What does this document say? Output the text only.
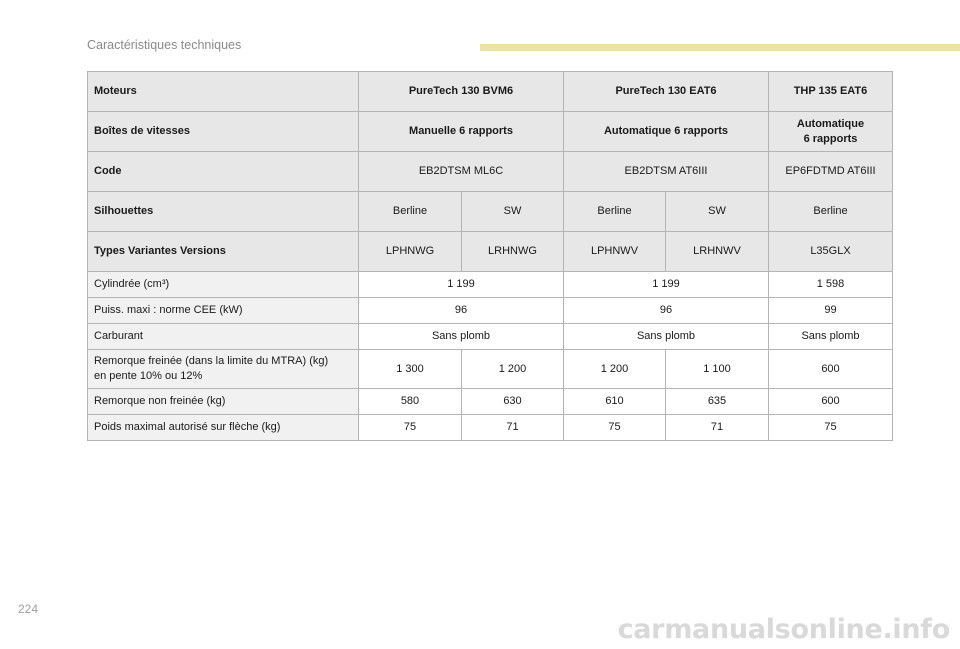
Caractéristiques techniques
Moteurs	PureTech 130 BVM6		PureTech 130 EAT6		THP 135 EAT6
Boîtes de vitesses	Manuelle 6 rapports		Automatique 6 rapports		Automatique
6 rapports
Code	EB2DTSM ML6C		EB2DTSM AT6III		EP6FDTMD AT6III
Silhouettes	Berline	SW	Berline	SW	Berline
Types Variantes Versions	LPHNWG	LRHNWG	LPHNWV	LRHNWV	L35GLX
Cylindrée (cm³)	1 199		1 199		1 598
Puiss. maxi : norme CEE (kW)	96		96		99
Carburant	Sans plomb		Sans plomb		Sans plomb
Remorque freinée (dans la limite du MTRA) (kg)
en pente 10% ou 12%	1 300	1 200	1 200	1 100	600
Remorque non freinée (kg)	580	630	610	635	600
Poids maximal autorisé sur flèche (kg)	75	71	75	71	75
224
carmanualsonline.info
